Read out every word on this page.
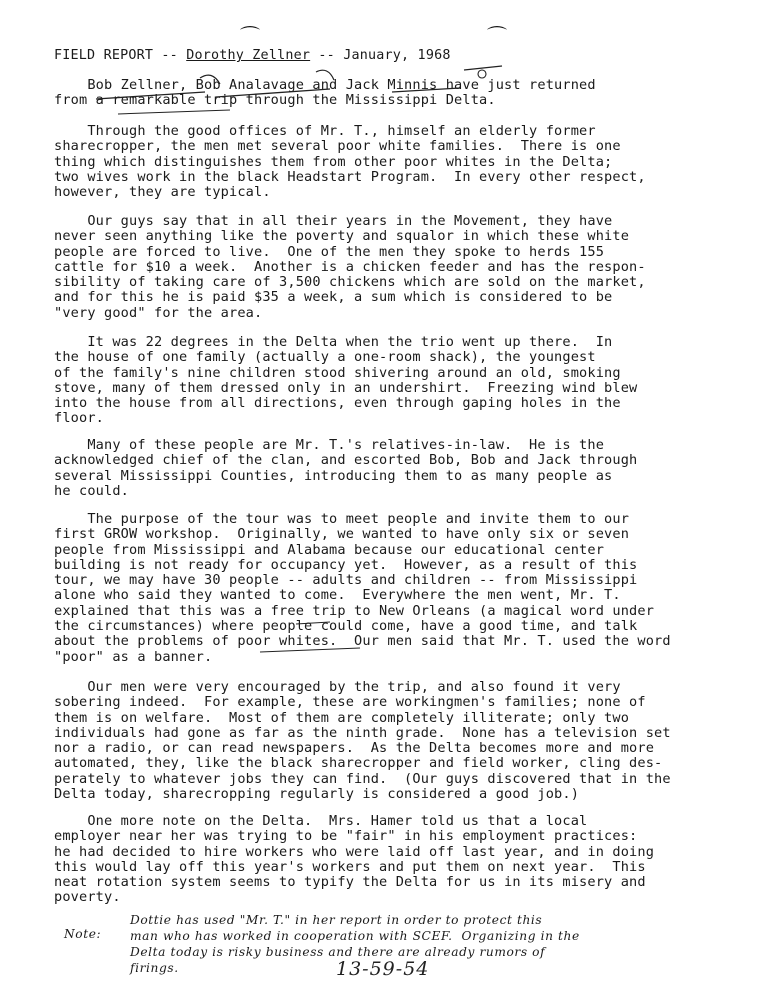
⌒	⌒
FIELD REPORT -- Dorothy Zellner -- January, 1968
Bob Zellner, Bob Analavage and Jack Minnis have just returned
from a remarkable trip through the Mississippi Delta.
Through the good offices of Mr. T., himself an elderly former
sharecropper, the men met several poor white families.  There is one
thing which distinguishes them from other poor whites in the Delta;
two wives work in the black Headstart Program.  In every other respect,
however, they are typical.
Our guys say that in all their years in the Movement, they have
never seen anything like the poverty and squalor in which these white
people are forced to live.  One of the men they spoke to herds 155
cattle for $10 a week.  Another is a chicken feeder and has the respon-
sibility of taking care of 3,500 chickens which are sold on the market,
and for this he is paid $35 a week, a sum which is considered to be
"very good" for the area.
It was 22 degrees in the Delta when the trio went up there.  In
the house of one family (actually a one-room shack), the youngest
of the family's nine children stood shivering around an old, smoking
stove, many of them dressed only in an undershirt.  Freezing wind blew
into the house from all directions, even through gaping holes in the
floor.
Many of these people are Mr. T.'s relatives-in-law.  He is the
acknowledged chief of the clan, and escorted Bob, Bob and Jack through
several Mississippi Counties, introducing them to as many people as
he could.
The purpose of the tour was to meet people and invite them to our
first GROW workshop.  Originally, we wanted to have only six or seven
people from Mississippi and Alabama because our educational center
building is not ready for occupancy yet.  However, as a result of this
tour, we may have 30 people -- adults and children -- from Mississippi
alone who said they wanted to come.  Everywhere the men went, Mr. T.
explained that this was a free trip to New Orleans (a magical word under
the circumstances) where people could come, have a good time, and talk
about the problems of poor whites.  Our men said that Mr. T. used the word
"poor" as a banner.
Our men were very encouraged by the trip, and also found it very
sobering indeed.  For example, these are workingmen's families; none of
them is on welfare.  Most of them are completely illiterate; only two
individuals had gone as far as the ninth grade.  None has a television set
nor a radio, or can read newspapers.  As the Delta becomes more and more
automated, they, like the black sharecropper and field worker, cling des-
perately to whatever jobs they can find.  (Our guys discovered that in the
Delta today, sharecropping regularly is considered a good job.)
One more note on the Delta.  Mrs. Hamer told us that a local
employer near her was trying to be "fair" in his employment practices:
he had decided to hire workers who were laid off last year, and in doing
this would lay off this year's workers and put them on next year.  This
neat rotation system seems to typify the Delta for us in its misery and
poverty.
Note:
Dottie has used "Mr. T." in her report in order to protect this
man who has worked in cooperation with SCEF.  Organizing in the
Delta today is risky business and there are already rumors of
firings.	13-59-54
